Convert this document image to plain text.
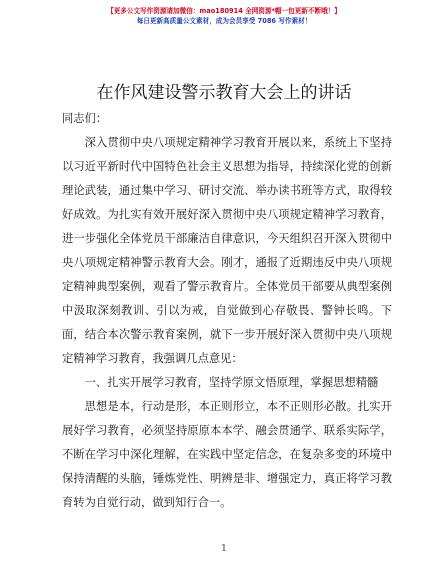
【更多公文写作资源请加微信：mao180914 全网资源*帽一包更新不断哦！】
每日更新高质量公文素材，成为会员享受 7086 写作素材！
在作风建设警示教育大会上的讲话

同志们：

深入贯彻中央八项规定精神学习教育开展以来，系统上下坚持以习近平新时代中国特色社会主义思想为指导，持续深化党的创新理论武装，通过集中学习、研讨交流、举办读书班等方式，取得较好成效。为扎实有效开展好深入贯彻中央八项规定精神学习教育，进一步强化全体党员干部廉洁自律意识，今天组织召开深入贯彻中央八项规定精神警示教育大会。刚才，通报了近期违反中央八项规定精神典型案例，观看了警示教育片。全体党员干部要从典型案例中汲取深刻教训、引以为戒，自觉做到心存敬畏、警钟长鸣。下面，结合本次警示教育案例，就下一步开展好深入贯彻中央八项规定精神学习教育，我强调几点意见：

一、扎实开展学习教育，坚持学原文悟原理，掌握思想精髓

思想是本，行动是形，本正则形立，本不正则形必散。扎实开展好学习教育，必须坚持原原本本学、融会贯通学、联系实际学，不断在学习中深化理解，在实践中坚定信念，在复杂多变的环境中保持清醒的头脑，锤炼党性、明辨是非、增强定力，真正将学习教育转为自觉行动，做到知行合一。

1
